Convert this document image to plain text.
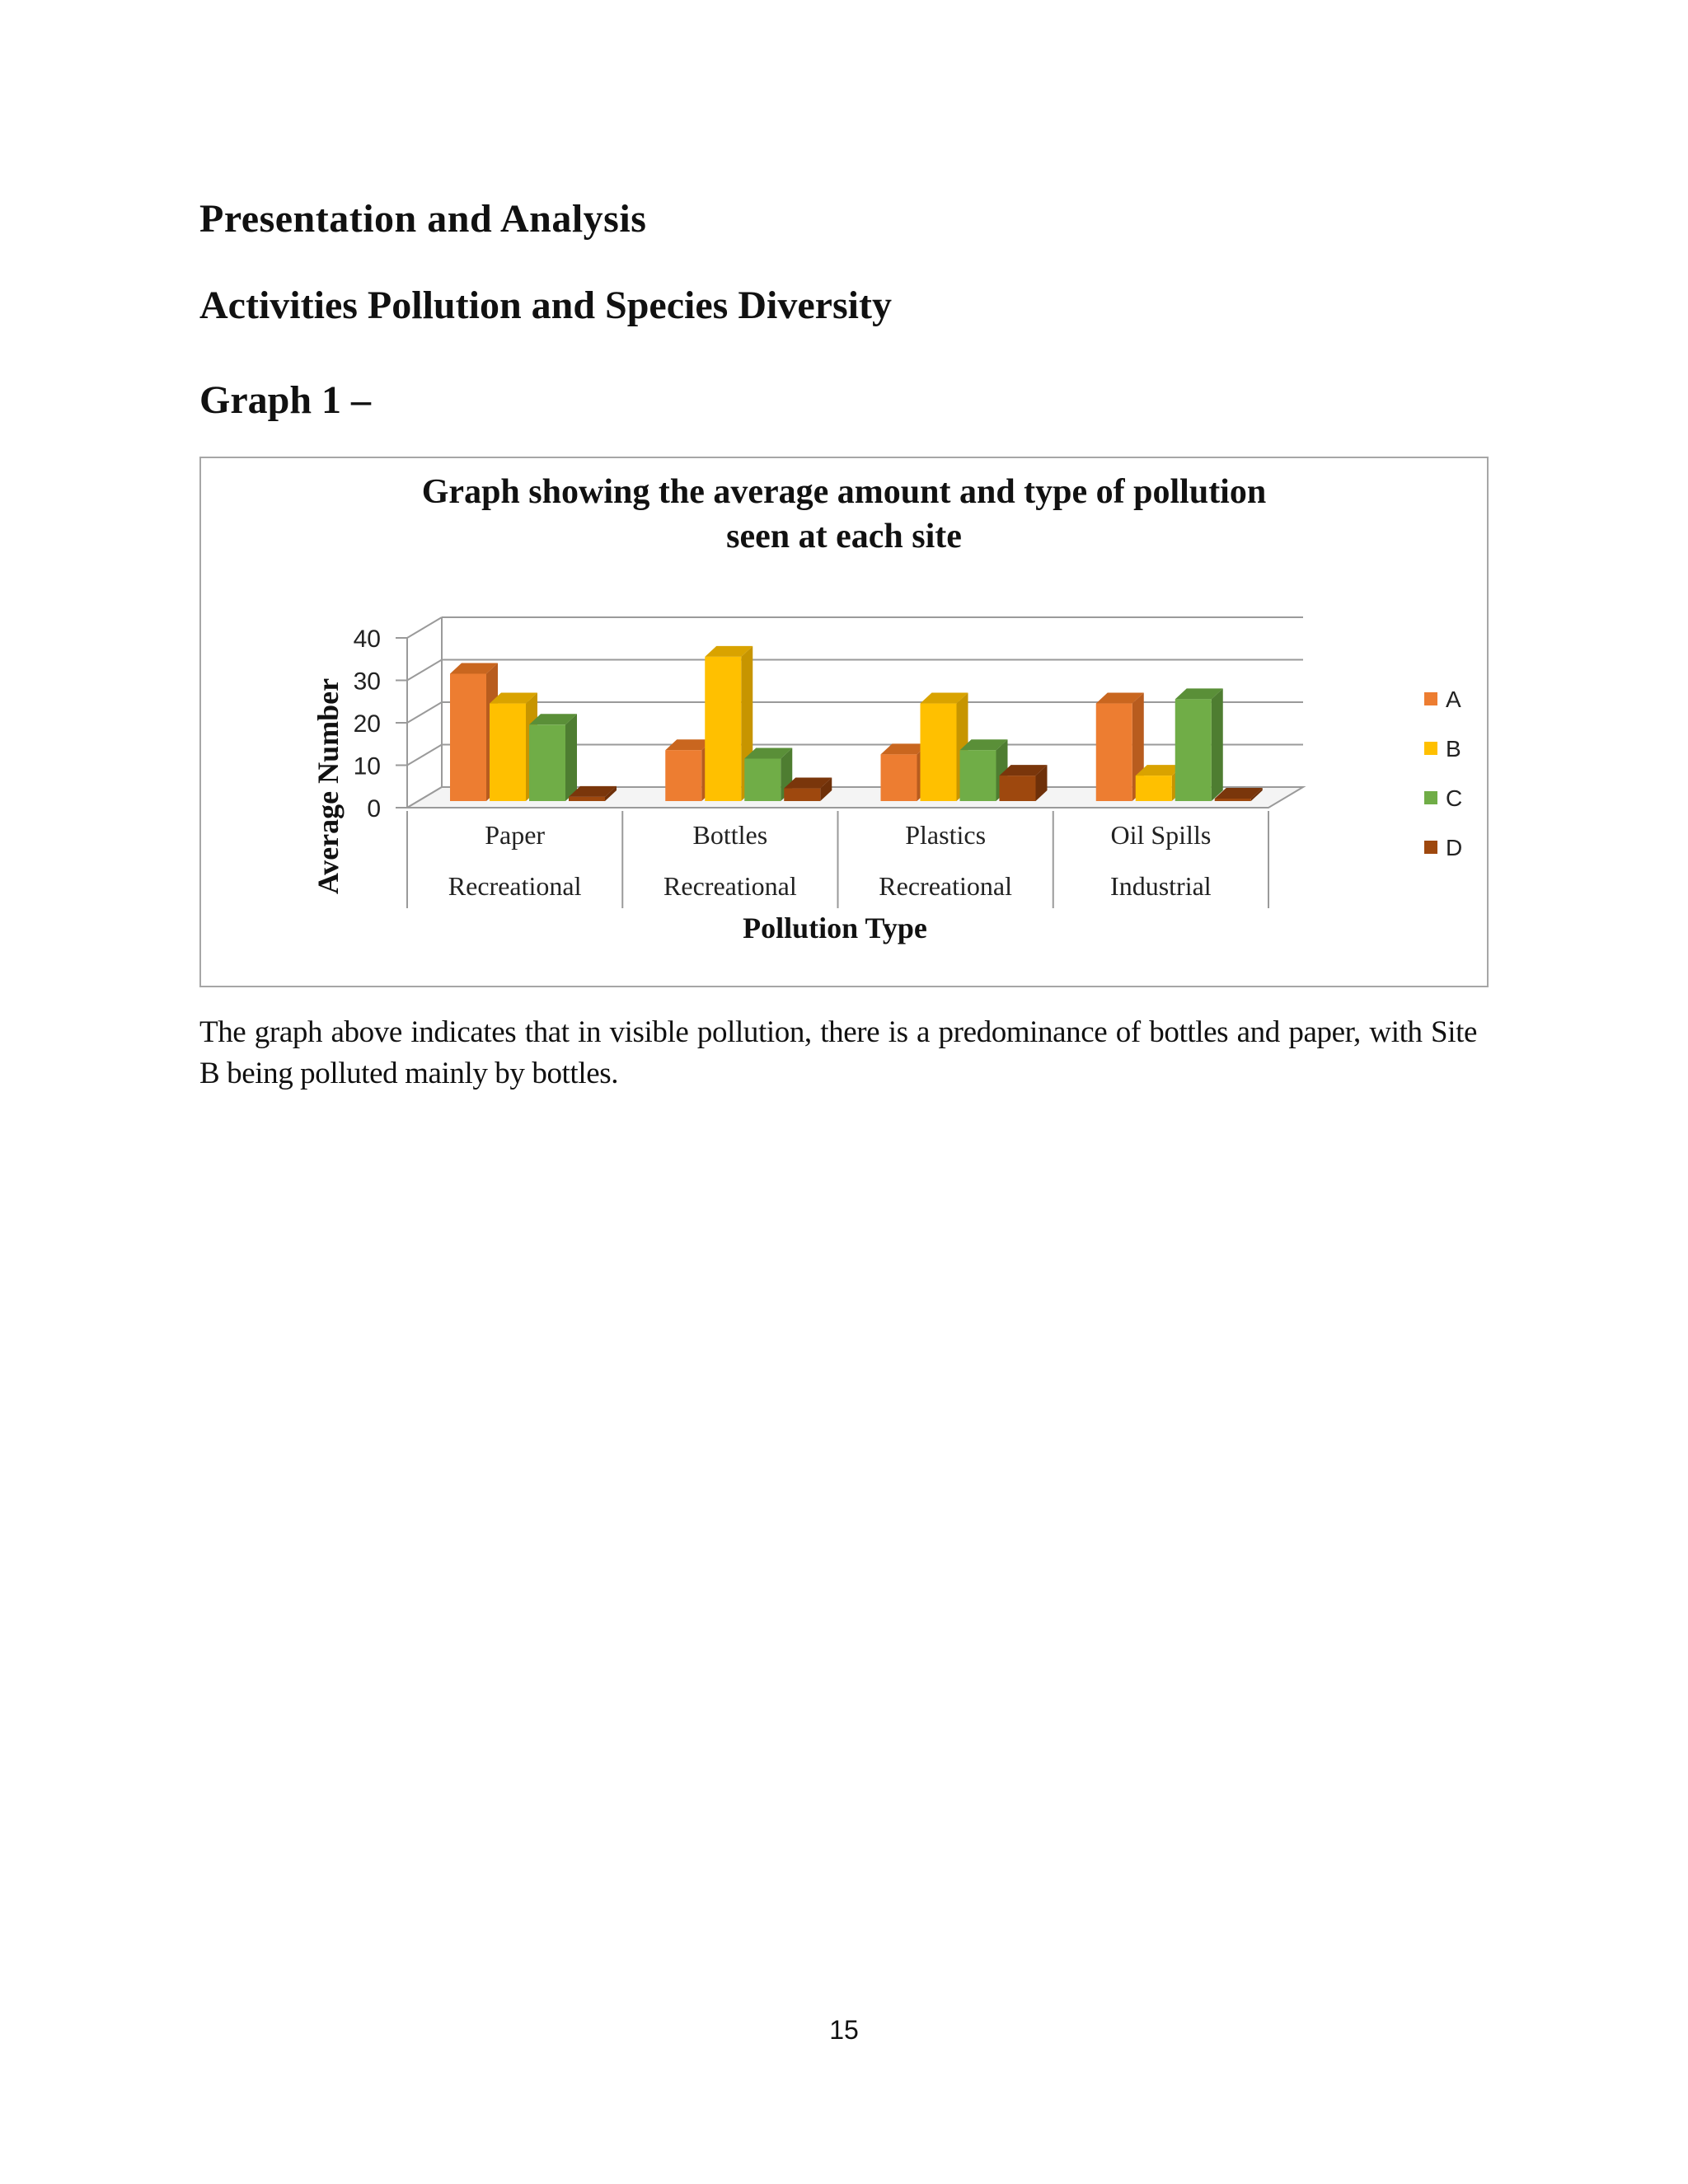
Presentation and Analysis
Activities Pollution and Species Diversity
Graph 1 –
Graph showing the average amount and type of pollution
seen at each site
Average Number
Pollution Type
0
10
20
30
40
Paper
Recreational
Bottles
Recreational
Plastics
Recreational
Oil Spills
Industrial
A
B
C
D

The graph above indicates that in visible pollution, there is a predominance of bottles and paper, with Site B being polluted mainly by bottles.

15
